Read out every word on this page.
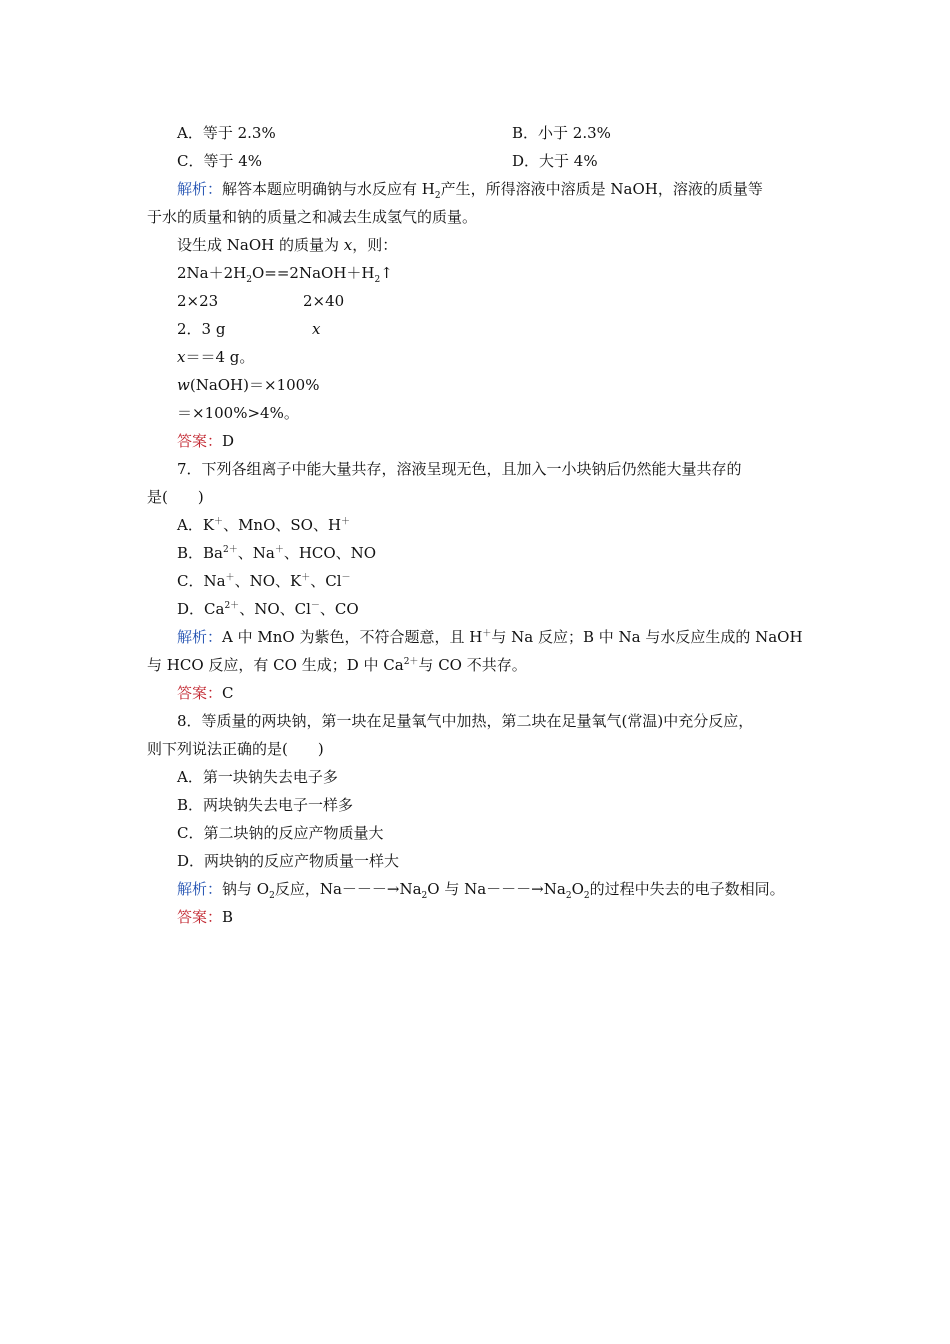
A．等于 2.3%	B．小于 2.3%
C．等于 4%	D．大于 4%
解析：解答本题应明确钠与水反应有 $H_2$产生，所得溶液中溶质是 NaOH，溶液的质量等
于水的质量和钠的质量之和减去生成氢气的质量。
设生成 NaOH 的质量为 x，则：
$2Na+2H_2O==2NaOH+H_2↑$
2×23	2×40
2．3 g	x
x＝＝4 g。
w(NaOH)＝×100%
＝×100%>4%。
答案：D
7．下列各组离子中能大量共存，溶液呈现无色，且加入一小块钠后仍然能大量共存的
是(　　)
A．K＋、MnO、SO、H＋
B．$Ba^{2+}$、Na＋、HCO、NO
C．Na＋、NO、K＋、Cl－
D．$Ca^{2+}$、NO、Cl－、CO
解析：A 中 MnO 为紫色，不符合题意，且 H＋与 Na 反应；B 中 Na 与水反应生成的 NaOH
与 HCO 反应，有 CO 生成；D 中 $Ca^{2+}$与 CO 不共存。
答案：C
8．等质量的两块钠，第一块在足量氧气中加热，第二块在足量氧气(常温)中充分反应，
则下列说法正确的是(　　)
A．第一块钠失去电子多
B．两块钠失去电子一样多
C．第二块钠的反应产物质量大
D．两块钠的反应产物质量一样大
解析：钠与 $O_2$反应，$Na---\to Na_2O$ 与 $Na---\to Na_2O_2$的过程中失去的电子数相同。
答案：B
